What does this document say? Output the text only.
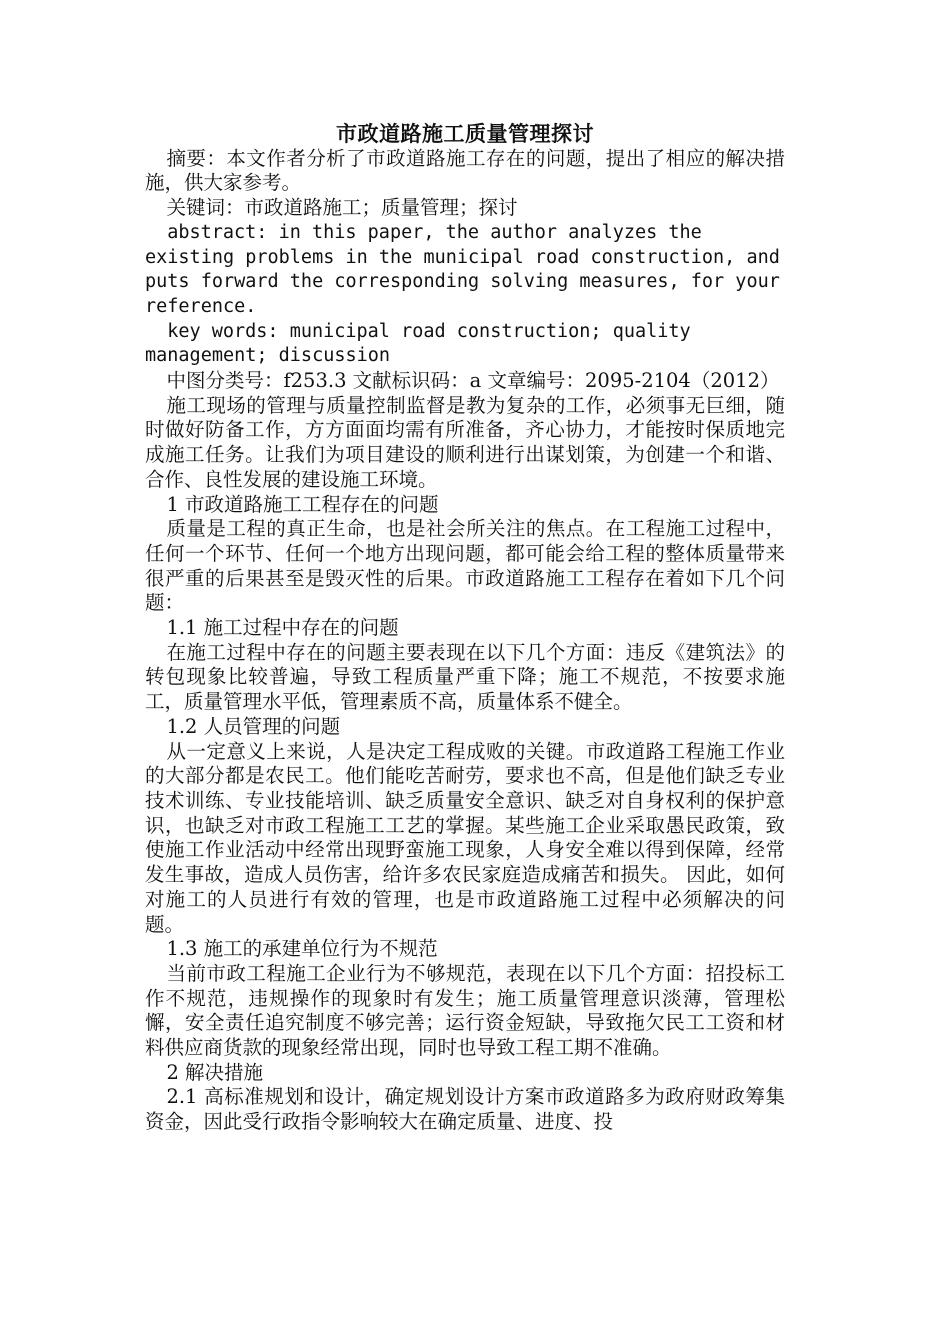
市政道路施工质量管理探讨

摘要：本文作者分析了市政道路施工存在的问题，提出了相应的解决措施，供大家参考。

关键词：市政道路施工；质量管理；探讨

abstract: in this paper, the author analyzes the existing problems in the municipal road construction, and puts forward the corresponding solving measures, for your reference.

key words: municipal road construction; quality management; discussion

中图分类号：f253.3 文献标识码：a 文章编号：2095-2104（2012）

施工现场的管理与质量控制监督是教为复杂的工作，必须事无巨细，随时做好防备工作，方方面面均需有所准备，齐心协力，才能按时保质地完成施工任务。让我们为项目建设的顺利进行出谋划策，为创建一个和谐、合作、良性发展的建设施工环境。

1 市政道路施工工程存在的问题

质量是工程的真正生命，也是社会所关注的焦点。在工程施工过程中，任何一个环节、任何一个地方出现问题，都可能会给工程的整体质量带来很严重的后果甚至是毁灭性的后果。市政道路施工工程存在着如下几个问题：

1.1 施工过程中存在的问题

在施工过程中存在的问题主要表现在以下几个方面：违反《建筑法》的转包现象比较普遍，导致工程质量严重下降；施工不规范，不按要求施工，质量管理水平低，管理素质不高，质量体系不健全。

1.2 人员管理的问题

从一定意义上来说，人是决定工程成败的关键。市政道路工程施工作业的大部分都是农民工。他们能吃苦耐劳，要求也不高，但是他们缺乏专业技术训练、专业技能培训、缺乏质量安全意识、缺乏对自身权利的保护意识，也缺乏对市政工程施工工艺的掌握。某些施工企业采取愚民政策，致使施工作业活动中经常出现野蛮施工现象，人身安全难以得到保障，经常发生事故，造成人员伤害，给许多农民家庭造成痛苦和损失。 因此，如何对施工的人员进行有效的管理，也是市政道路施工过程中必须解决的问题。

1.3 施工的承建单位行为不规范

当前市政工程施工企业行为不够规范，表现在以下几个方面：招投标工作不规范，违规操作的现象时有发生；施工质量管理意识淡薄，管理松懈，安全责任追究制度不够完善；运行资金短缺，导致拖欠民工工资和材料供应商货款的现象经常出现，同时也导致工程工期不准确。

2 解决措施

2.1 高标准规划和设计，确定规划设计方案市政道路多为政府财政筹集资金，因此受行政指令影响较大在确定质量、进度、投
